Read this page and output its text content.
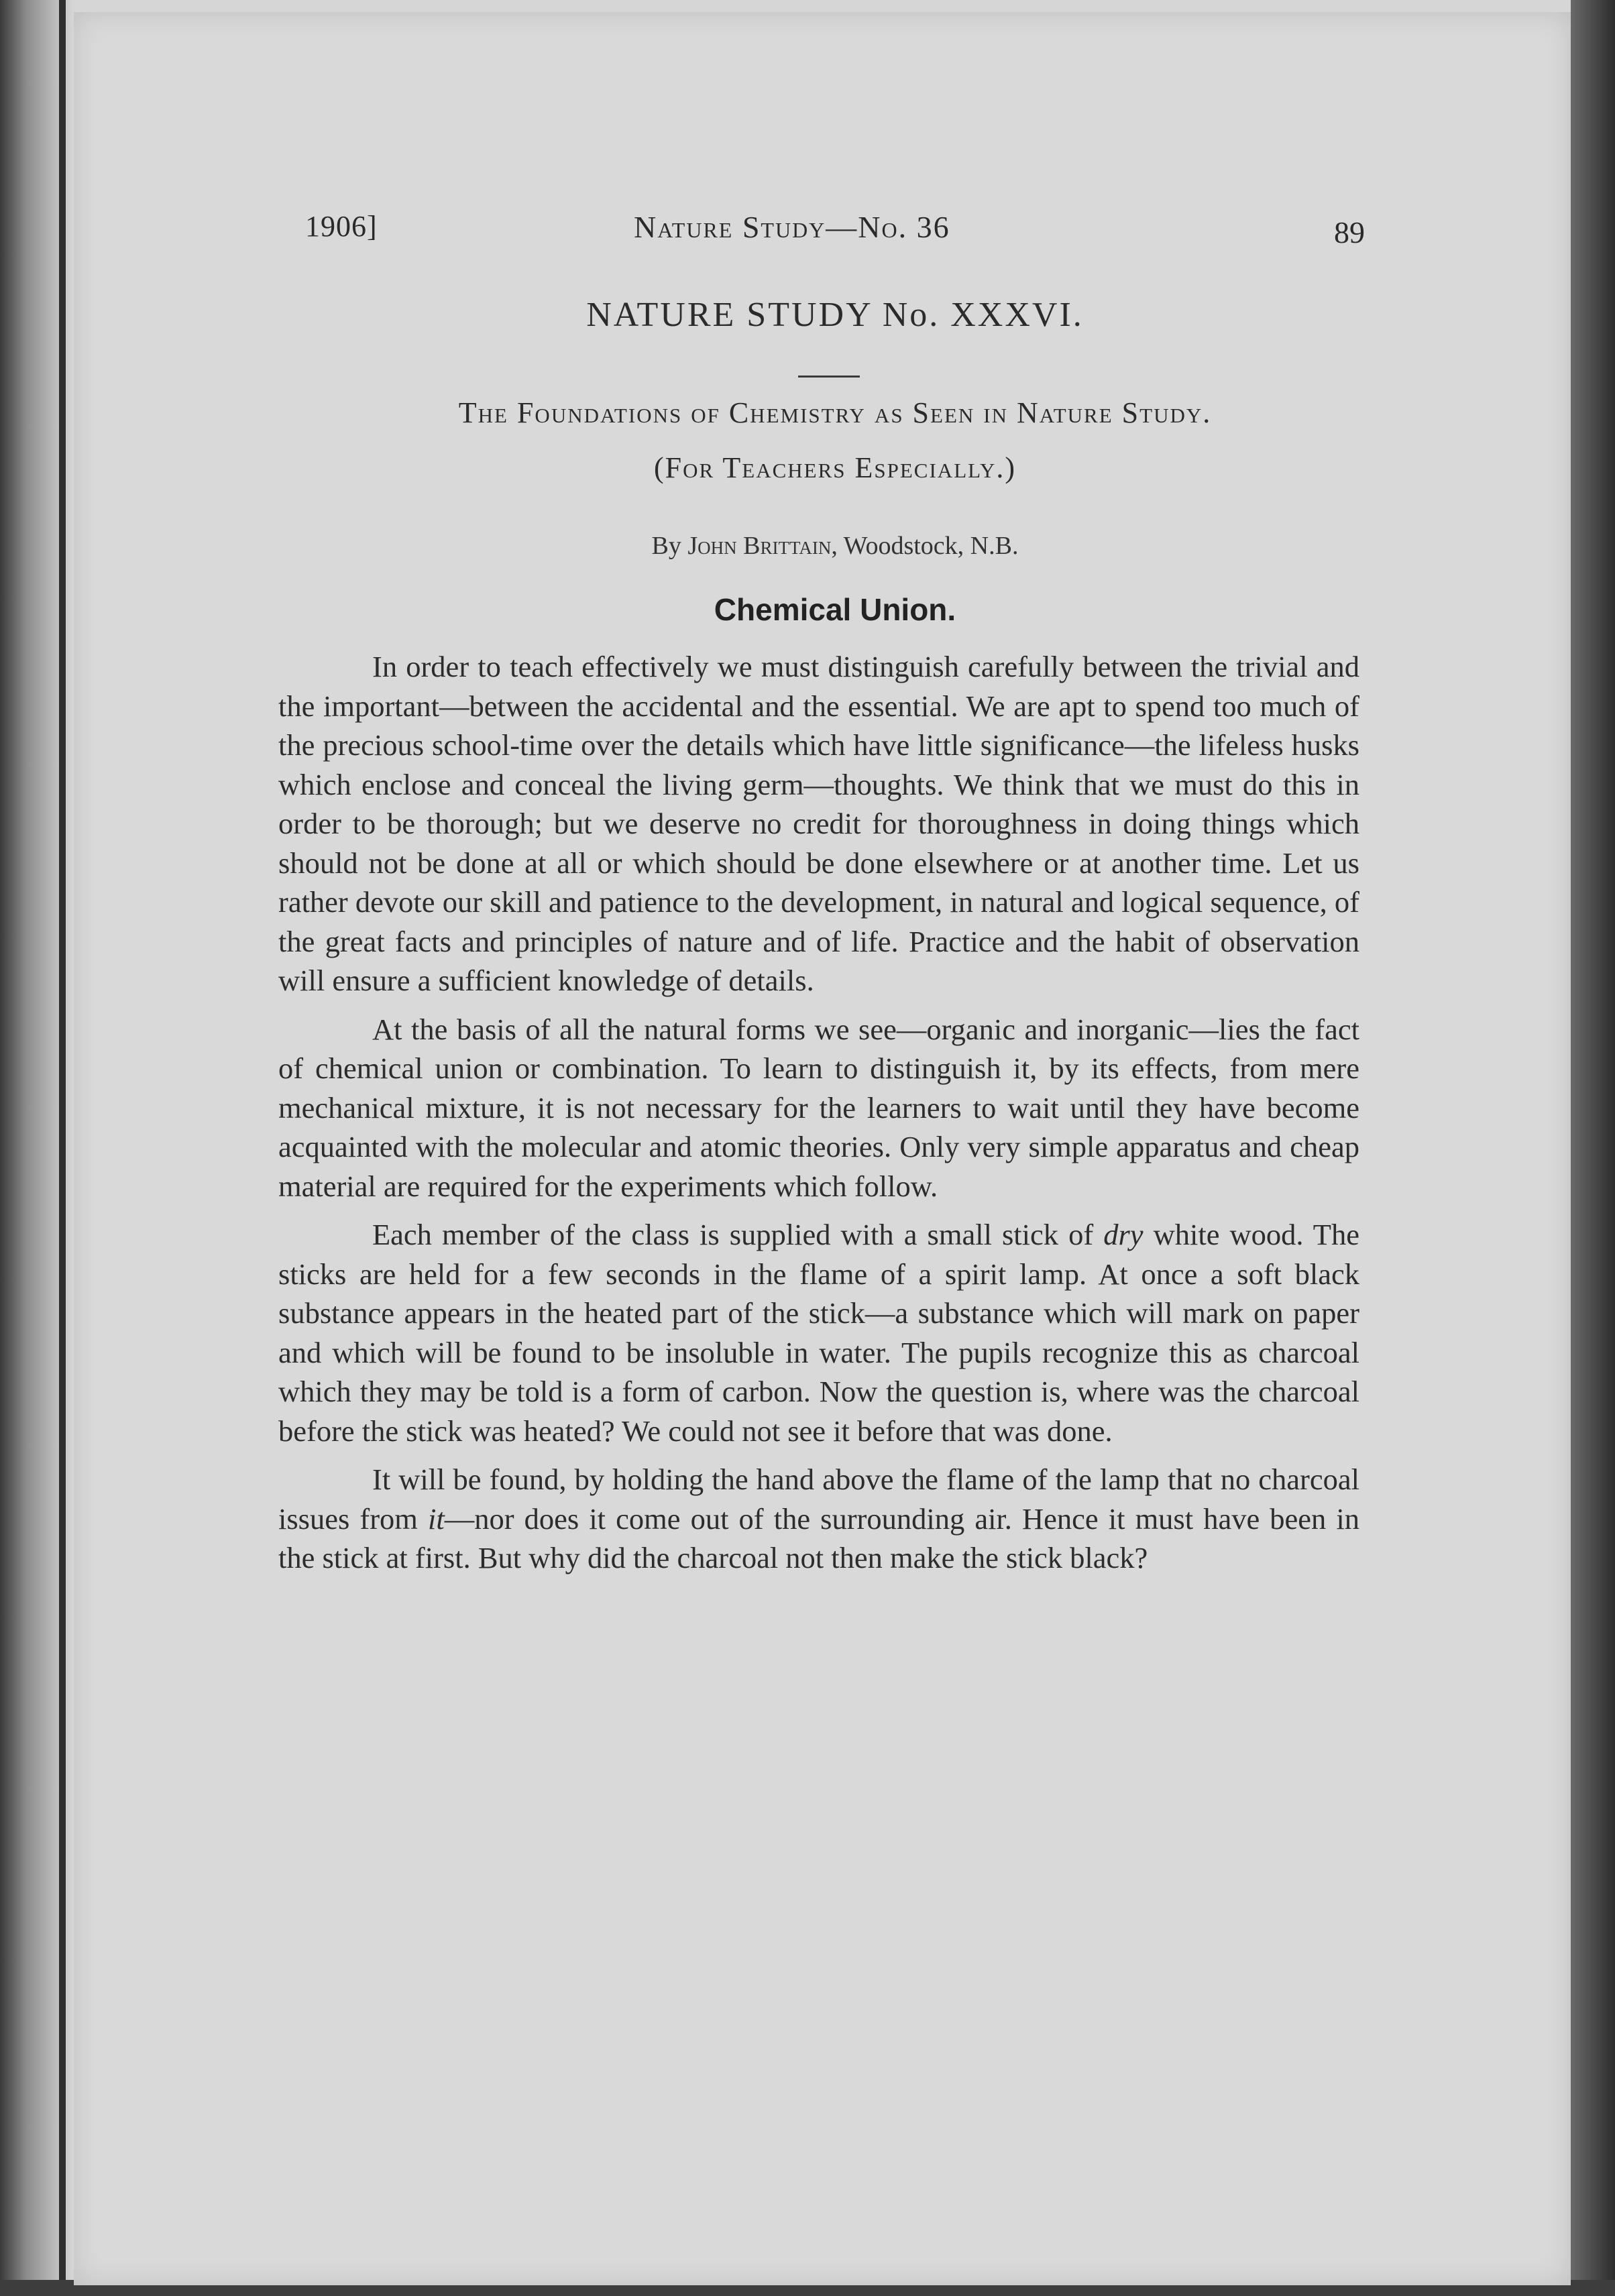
1906]	Nature Study—No. 36	89
NATURE STUDY No. XXXVI.
The Foundations of Chemistry as Seen in Nature Study.
(For Teachers Especially.)
By John Brittain, Woodstock, N.B.
Chemical Union.

In order to teach effectively we must distinguish carefully between the trivial and the important—between the accidental and the essential. We are apt to spend too much of the precious school-time over the details which have little significance—the lifeless husks which enclose and conceal the living germ—thoughts. We think that we must do this in order to be thorough; but we deserve no credit for thoroughness in doing things which should not be done at all or which should be done elsewhere or at another time. Let us rather devote our skill and patience to the development, in natural and logical sequence, of the great facts and principles of nature and of life. Practice and the habit of observation will ensure a sufficient knowledge of details.

At the basis of all the natural forms we see—organic and inorganic—lies the fact of chemical union or combination. To learn to distinguish it, by its effects, from mere mechanical mixture, it is not necessary for the learners to wait until they have become acquainted with the molecular and atomic theories. Only very simple apparatus and cheap material are required for the experiments which follow.

Each member of the class is supplied with a small stick of dry white wood. The sticks are held for a few seconds in the flame of a spirit lamp. At once a soft black substance appears in the heated part of the stick—a substance which will mark on paper and which will be found to be insoluble in water. The pupils recognize this as charcoal which they may be told is a form of carbon. Now the question is, where was the charcoal before the stick was heated? We could not see it before that was done.

It will be found, by holding the hand above the flame of the lamp that no charcoal issues from it—nor does it come out of the surrounding air. Hence it must have been in the stick at first. But why did the charcoal not then make the stick black?
